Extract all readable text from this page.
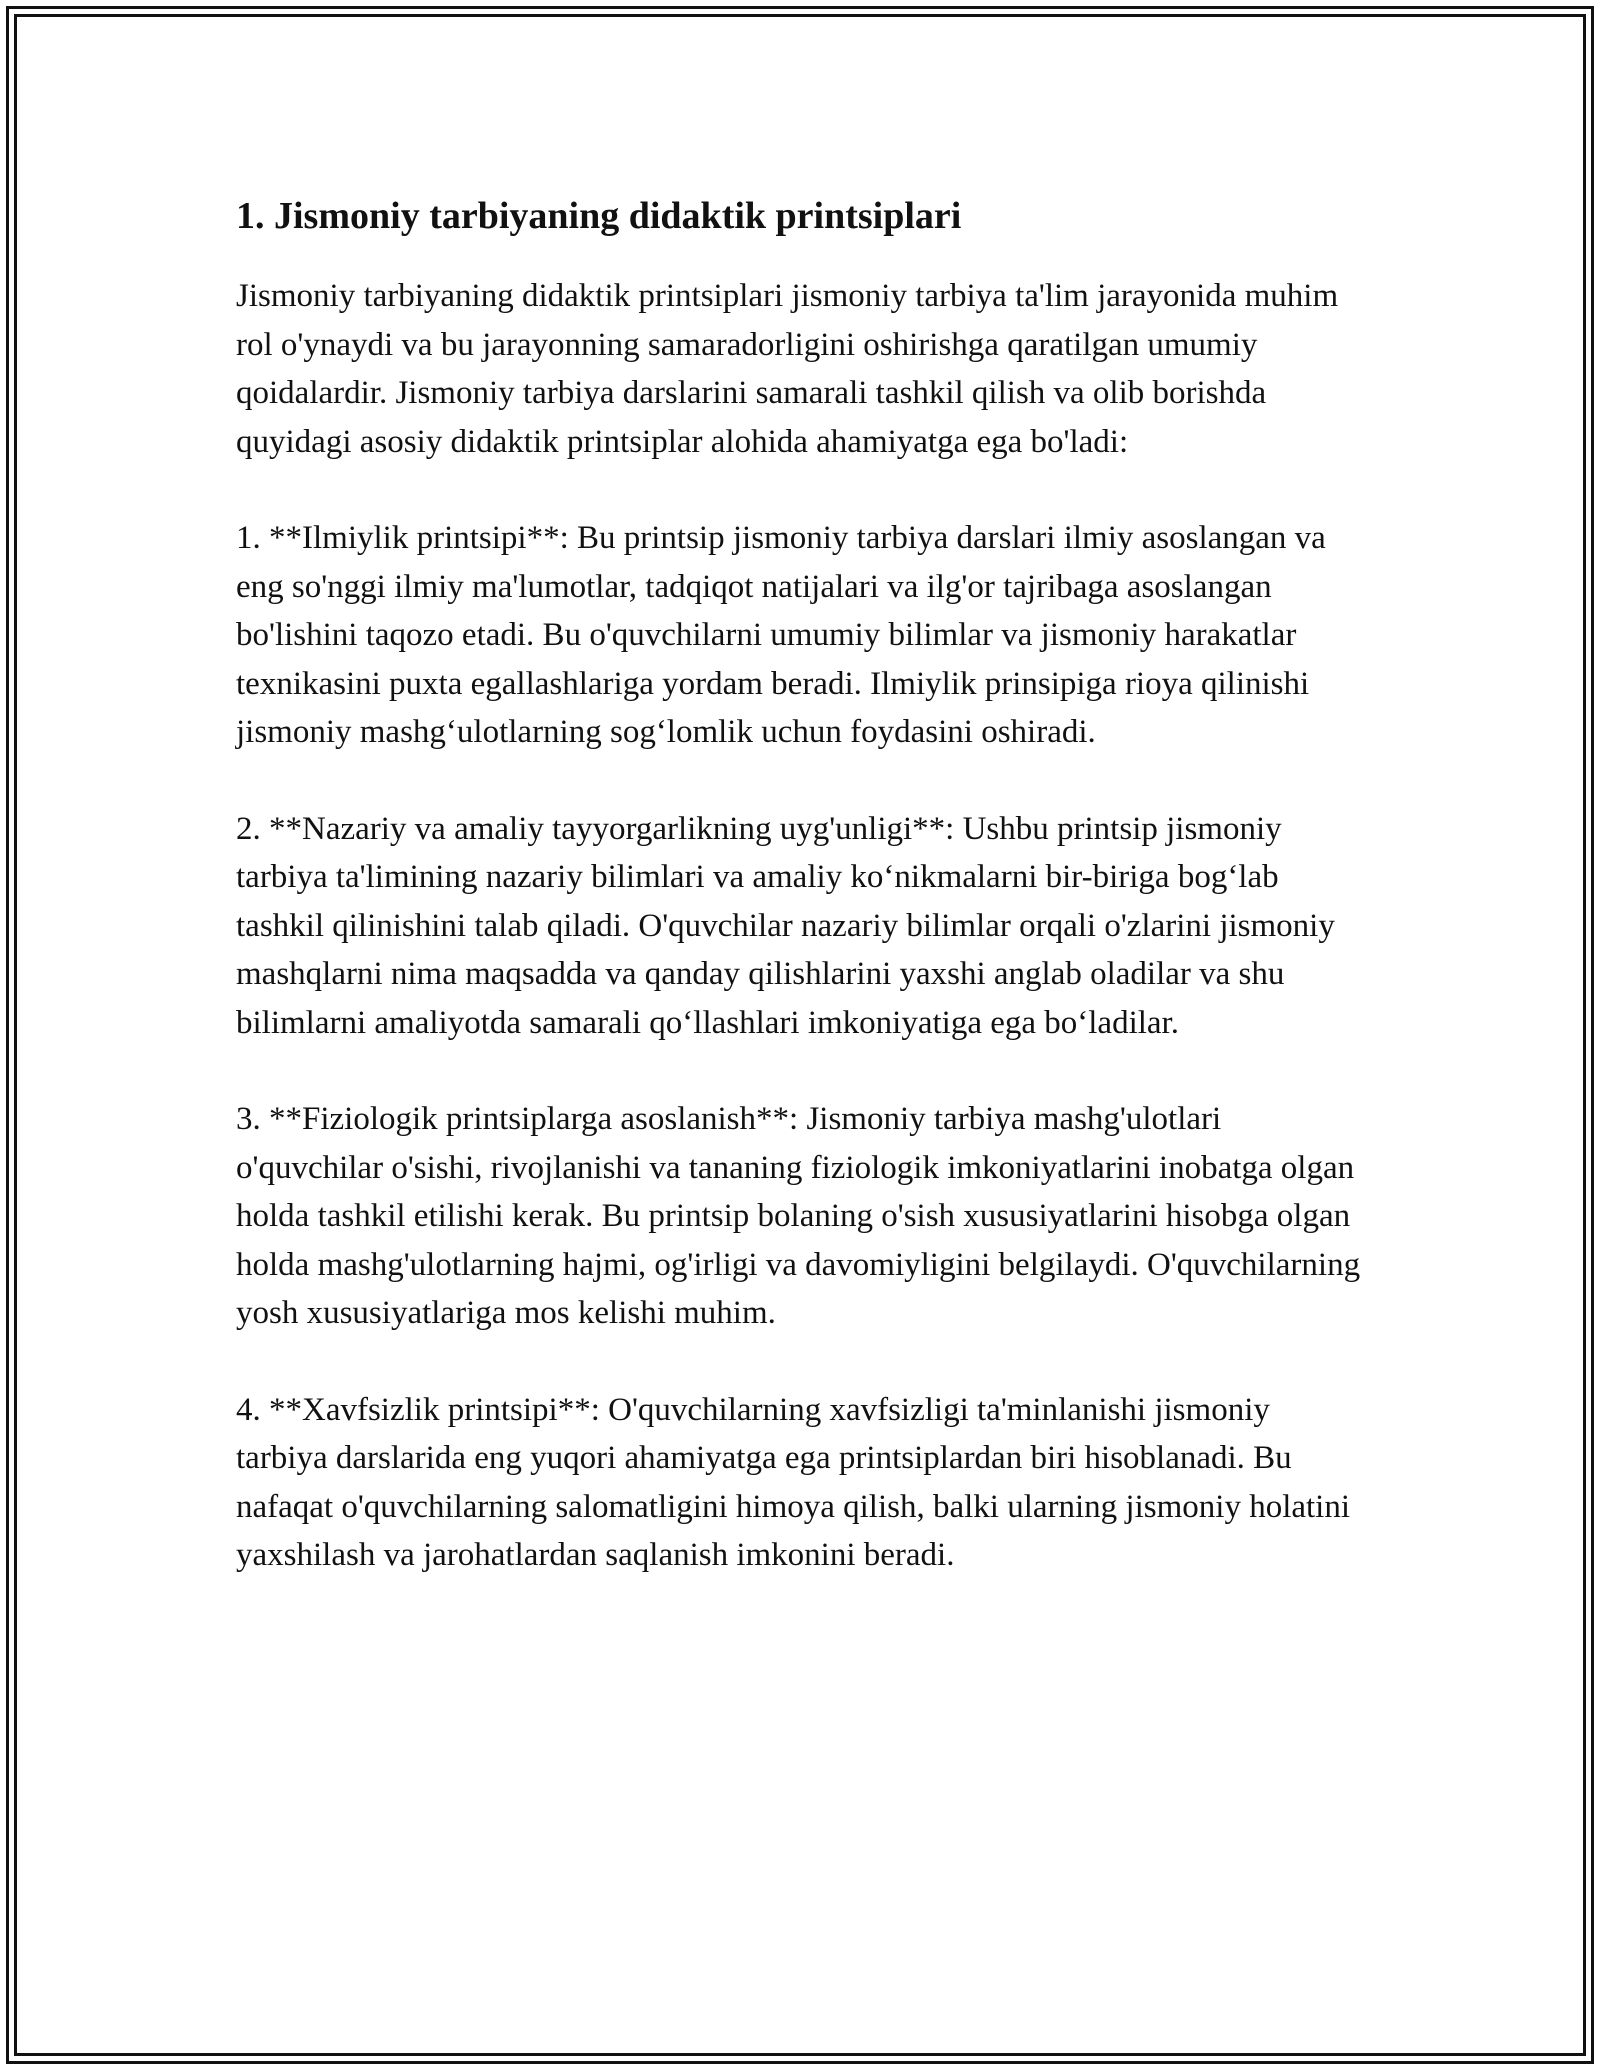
1. Jismoniy tarbiyaning didaktik printsiplari

Jismoniy tarbiyaning didaktik printsiplari jismoniy tarbiya ta'lim jarayonida muhim rol o'ynaydi va bu jarayonning samaradorligini oshirishga qaratilgan umumiy qoidalardir. Jismoniy tarbiya darslarini samarali tashkil qilish va olib borishda quyidagi asosiy didaktik printsiplar alohida ahamiyatga ega bo'ladi:

1. **Ilmiylik printsipi**: Bu printsip jismoniy tarbiya darslari ilmiy asoslangan va eng so'nggi ilmiy ma'lumotlar, tadqiqot natijalari va ilg'or tajribaga asoslangan bo'lishini taqozo etadi. Bu o'quvchilarni umumiy bilimlar va jismoniy harakatlar texnikasini puxta egallashlariga yordam beradi. Ilmiylik prinsipiga rioya qilinishi jismoniy mashg‘ulotlarning sog‘lomlik uchun foydasini oshiradi.

2. **Nazariy va amaliy tayyorgarlikning uyg'unligi**: Ushbu printsip jismoniy tarbiya ta'limining nazariy bilimlari va amaliy ko‘nikmalarni bir-biriga bog‘lab tashkil qilinishini talab qiladi. O'quvchilar nazariy bilimlar orqali o'zlarini jismoniy mashqlarni nima maqsadda va qanday qilishlarini yaxshi anglab oladilar va shu bilimlarni amaliyotda samarali qo‘llashlari imkoniyatiga ega bo‘ladilar.

3. **Fiziologik printsiplarga asoslanish**: Jismoniy tarbiya mashg'ulotlari o'quvchilar o'sishi, rivojlanishi va tananing fiziologik imkoniyatlarini inobatga olgan holda tashkil etilishi kerak. Bu printsip bolaning o'sish xususiyatlarini hisobga olgan holda mashg'ulotlarning hajmi, og'irligi va davomiyligini belgilaydi. O'quvchilarning yosh xususiyatlariga mos kelishi muhim.

4. **Xavfsizlik printsipi**: O'quvchilarning xavfsizligi ta'minlanishi jismoniy tarbiya darslarida eng yuqori ahamiyatga ega printsiplardan biri hisoblanadi. Bu nafaqat o'quvchilarning salomatligini himoya qilish, balki ularning jismoniy holatini yaxshilash va jarohatlardan saqlanish imkonini beradi.
